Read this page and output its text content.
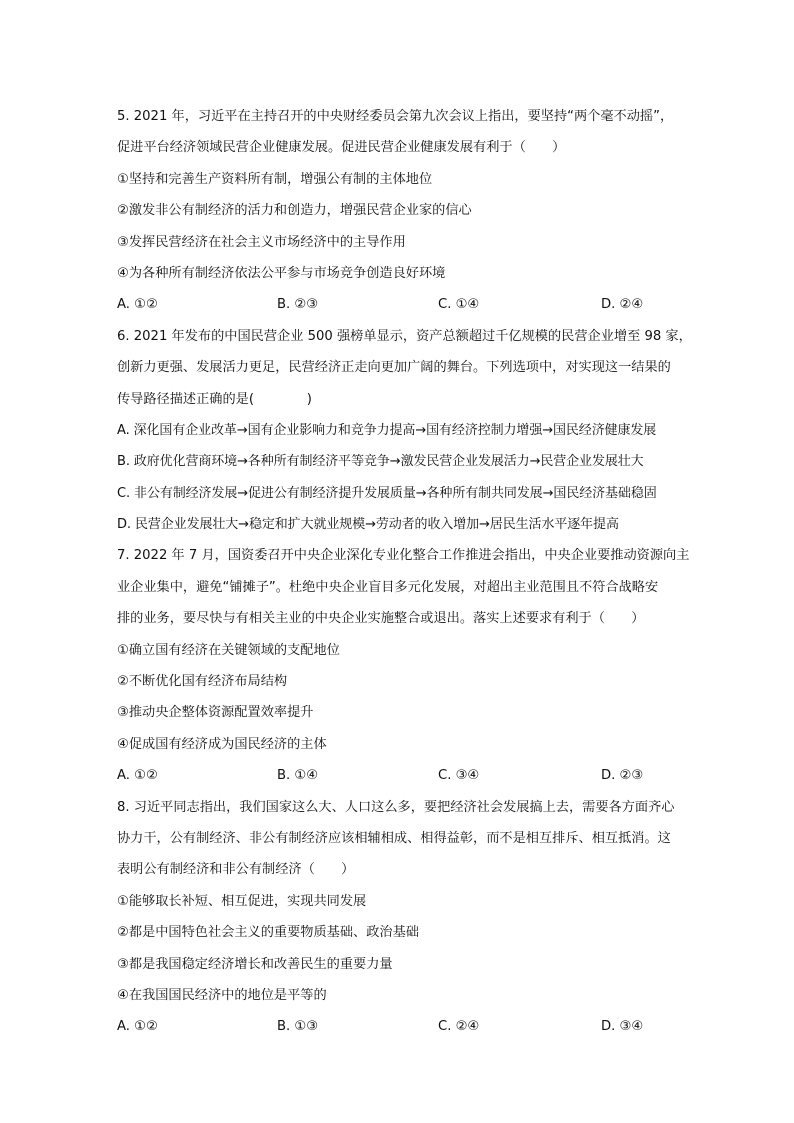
5. 2021 年，习近平在主持召开的中央财经委员会第九次会议上指出，要坚持“两个毫不动摇”，
促进平台经济领域民营企业健康发展。促进民营企业健康发展有利于（　　）
①坚持和完善生产资料所有制，增强公有制的主体地位
②激发非公有制经济的活力和创造力，增强民营企业家的信心
③发挥民营经济在社会主义市场经济中的主导作用
④为各种所有制经济依法公平参与市场竞争创造良好环境
A. ①②	B. ②③	C. ①④	D. ②④
6. 2021 年发布的中国民营企业 500 强榜单显示，资产总额超过千亿规模的民营企业增至 98 家，
创新力更强、发展活力更足，民营经济正走向更加广阔的舞台。下列选项中，对实现这一结果的
传导路径描述正确的是(　　　　)
A. 深化国有企业改革→国有企业影响力和竞争力提高→国有经济控制力增强→国民经济健康发展
B. 政府优化营商环境→各种所有制经济平等竞争→激发民营企业发展活力→民营企业发展壮大
C. 非公有制经济发展→促进公有制经济提升发展质量→各种所有制共同发展→国民经济基础稳固
D. 民营企业发展壮大→稳定和扩大就业规模→劳动者的收入增加→居民生活水平逐年提高
7. 2022 年 7 月，国资委召开中央企业深化专业化整合工作推进会指出，中央企业要推动资源向主
业企业集中，避免“铺摊子”。杜绝中央企业盲目多元化发展，对超出主业范围且不符合战略安
排的业务，要尽快与有相关主业的中央企业实施整合或退出。落实上述要求有利于（　　）
①确立国有经济在关键领域的支配地位
②不断优化国有经济布局结构
③推动央企整体资源配置效率提升
④促成国有经济成为国民经济的主体
A. ①②	B. ①④	C. ③④	D. ②③
8. 习近平同志指出，我们国家这么大、人口这么多，要把经济社会发展搞上去，需要各方面齐心
协力干，公有制经济、非公有制经济应该相辅相成、相得益彰，而不是相互排斥、相互抵消。这
表明公有制经济和非公有制经济（　　）
①能够取长补短、相互促进，实现共同发展
②都是中国特色社会主义的重要物质基础、政治基础
③都是我国稳定经济增长和改善民生的重要力量
④在我国国民经济中的地位是平等的
A. ①②	B. ①③	C. ②④	D. ③④
